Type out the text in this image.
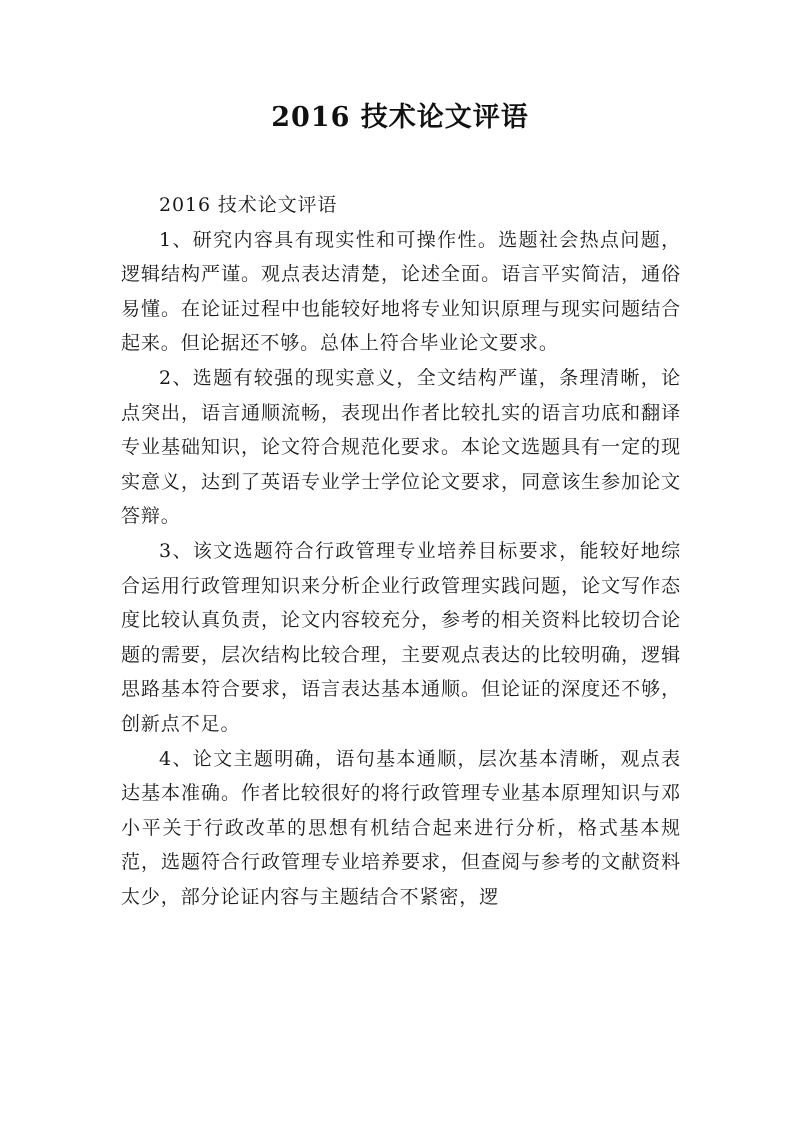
2016 技术论文评语

2016 技术论文评语

1、研究内容具有现实性和可操作性。选题社会热点问题，逻辑结构严谨。观点表达清楚，论述全面。语言平实简洁，通俗易懂。在论证过程中也能较好地将专业知识原理与现实问题结合起来。但论据还不够。总体上符合毕业论文要求。

2、选题有较强的现实意义，全文结构严谨，条理清晰，论点突出，语言通顺流畅，表现出作者比较扎实的语言功底和翻译专业基础知识，论文符合规范化要求。本论文选题具有一定的现实意义，达到了英语专业学士学位论文要求，同意该生参加论文答辩。

3、该文选题符合行政管理专业培养目标要求，能较好地综合运用行政管理知识来分析企业行政管理实践问题，论文写作态度比较认真负责，论文内容较充分，参考的相关资料比较切合论题的需要，层次结构比较合理，主要观点表达的比较明确，逻辑思路基本符合要求，语言表达基本通顺。但论证的深度还不够，创新点不足。

4、论文主题明确，语句基本通顺，层次基本清晰，观点表达基本准确。作者比较很好的将行政管理专业基本原理知识与邓小平关于行政改革的思想有机结合起来进行分析，格式基本规范，选题符合行政管理专业培养要求，但查阅与参考的文献资料太少，部分论证内容与主题结合不紧密，逻
